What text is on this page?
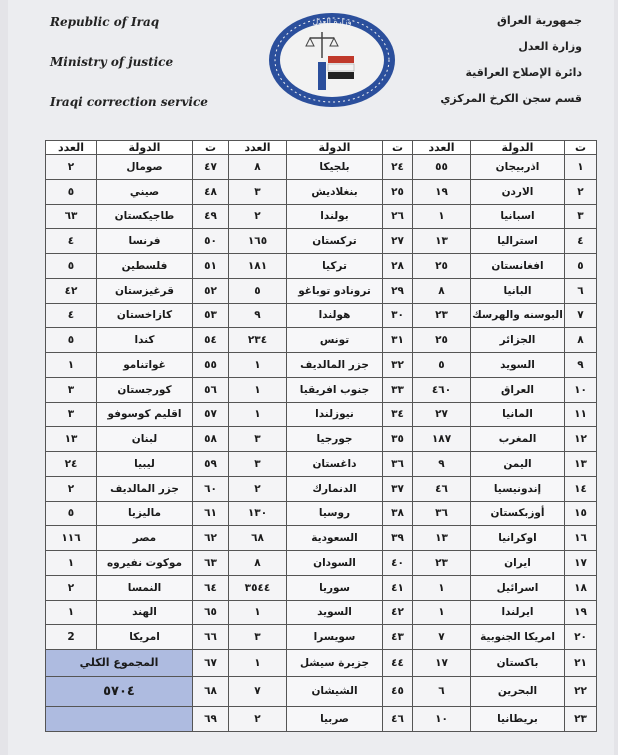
Republic of Iraq
Ministry of justice
Iraqi correction service
وزارة العدل	جمهورية العراق
وزارة العدل
دائرة الإصلاح العراقية
قسم سجن الكرخ المركزي
ت	الدولة	العدد	ت	الدولة	العدد	ت	الدولة	العدد
١	اذربيجان	٥٥	٢٤	بلجيكا	٨	٤٧	صومال	٢
٢	الاردن	١٩	٢٥	بنغلاديش	٣	٤٨	صيني	٥
٣	اسبانيا	١	٢٦	بولندا	٢	٤٩	طاجيكستان	٦٣
٤	استراليا	١٣	٢٧	تركستان	١٦٥	٥٠	فرنسا	٤
٥	افغانستان	٢٥	٢٨	تركيا	١٨١	٥١	فلسطين	٥
٦	البانيا	٨	٢٩	ترونادو توباغو	٥	٥٢	قرغيزستان	٤٢
٧	البوسنه والهرسك	٢٣	٣٠	هولندا	٩	٥٣	كازاخستان	٤
٨	الجزائر	٢٥	٣١	تونس	٢٣٤	٥٤	كندا	٥
٩	السويد	٥	٣٢	جزر المالديف	١	٥٥	غواتنامو	١
١٠	العراق	٤٦٠	٣٣	جنوب افريقيا	١	٥٦	كورجستان	٣
١١	المانيا	٢٧	٣٤	نيوزلندا	١	٥٧	اقليم كوسوفو	٣
١٢	المغرب	١٨٧	٣٥	جورجيا	٣	٥٨	لبنان	١٣
١٣	اليمن	٩	٣٦	داغستان	٣	٥٩	ليبيا	٢٤
١٤	إندونيسيا	٤٦	٣٧	الدنمارك	٢	٦٠	جزر المالديف	٢
١٥	أوزبكستان	٣٦	٣٨	روسيا	١٣٠	٦١	ماليزيا	٥
١٦	اوكرانيا	١٣	٣٩	السعودية	٦٨	٦٢	مصر	١١٦
١٧	ايران	٢٣	٤٠	السودان	٨	٦٣	موكوت نفيروه	١
١٨	اسرائيل	١	٤١	سوريا	٣٥٤٤	٦٤	النمسا	٢
١٩	ايرلندا	١	٤٢	السويد	١	٦٥	الهند	١
٢٠	امريكا الجنوبية	٧	٤٣	سويسرا	٣	٦٦	امريكا	2
٢١	باكستان	١٧	٤٤	جزيرة سيشل	١	٦٧	المجموع الكلي	
٢٢	البحرين	٦	٤٥	الشيشان	٧	٦٨	٥٧٠٤	
٢٣	بريطانيا	١٠	٤٦	صربيا	٢	٦٩		
